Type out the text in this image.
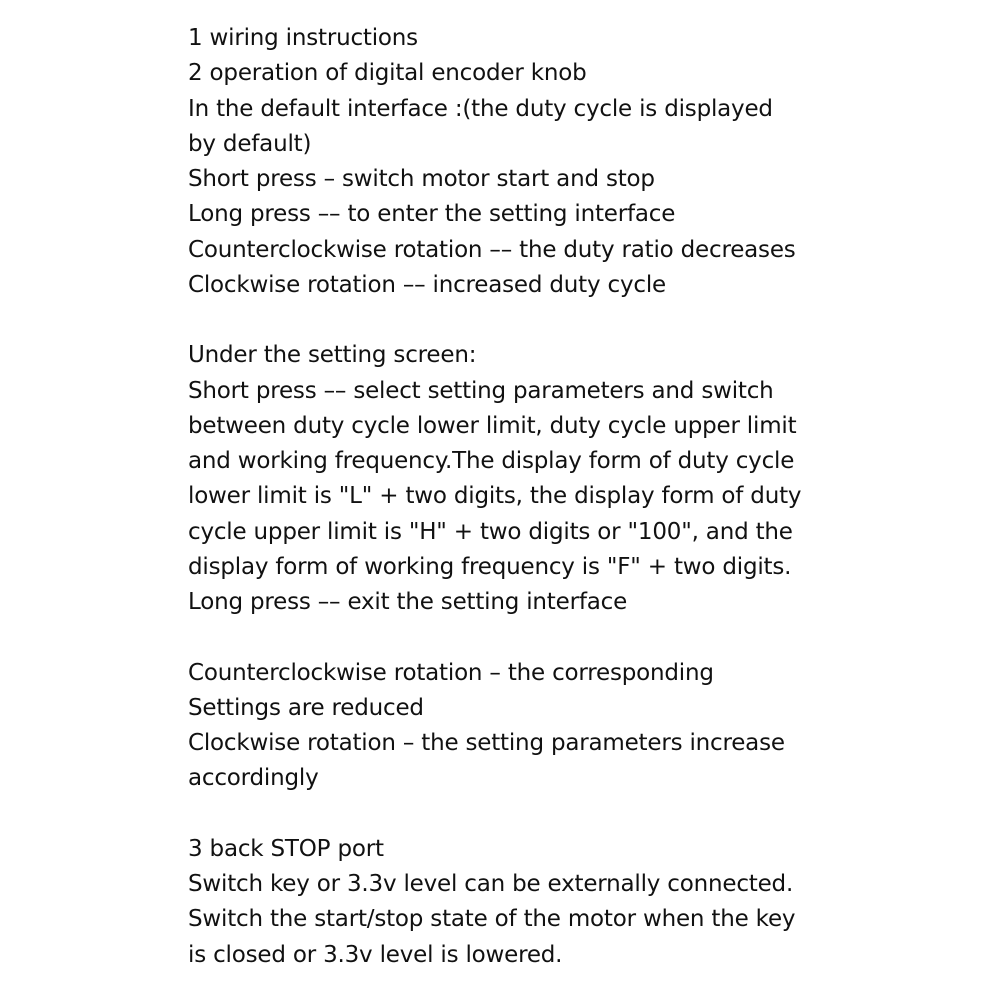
1 wiring instructions
2 operation of digital encoder knob
In the default interface :(the duty cycle is displayed
by default)
Short press – switch motor start and stop
Long press –– to enter the setting interface
Counterclockwise rotation –– the duty ratio decreases
Clockwise rotation –– increased duty cycle
Under the setting screen:
Short press –– select setting parameters and switch
between duty cycle lower limit, duty cycle upper limit
and working frequency.The display form of duty cycle
lower limit is "L" + two digits, the display form of duty
cycle upper limit is "H" + two digits or "100", and the
display form of working frequency is "F" + two digits.
Long press –– exit the setting interface
Counterclockwise rotation – the corresponding
Settings are reduced
Clockwise rotation – the setting parameters increase
accordingly
3 back STOP port
Switch key or 3.3v level can be externally connected.
Switch the start/stop state of the motor when the key
is closed or 3.3v level is lowered.
